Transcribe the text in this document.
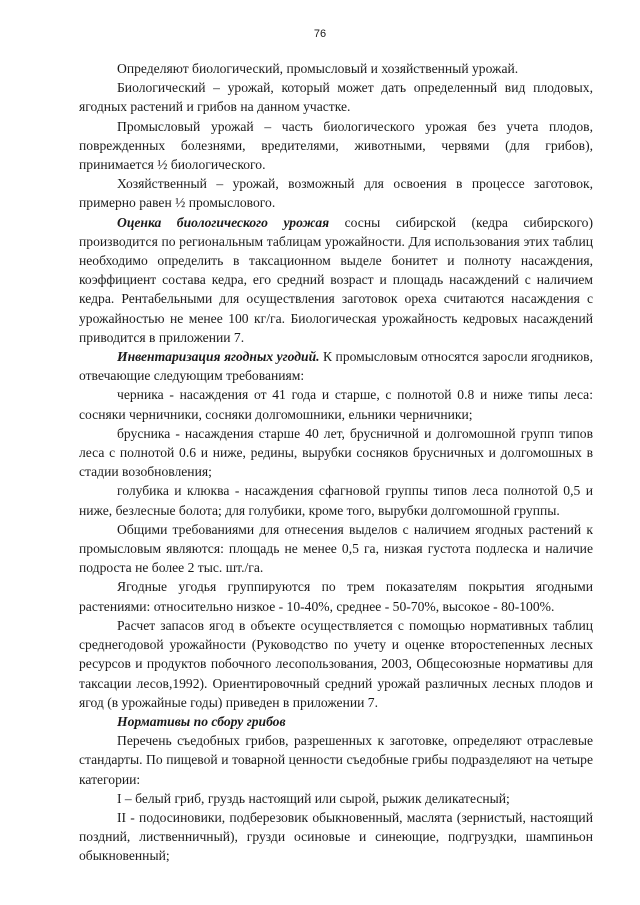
76

Определяют биологический, промысловый и хозяйственный урожай.

Биологический – урожай, который может дать определенный вид плодовых, ягодных растений и грибов на данном участке.

Промысловый урожай – часть биологического урожая без учета плодов, поврежденных болезнями, вредителями, животными, червями (для грибов), принимается ½ биологического.

Хозяйственный – урожай, возможный для освоения в процессе заготовок, примерно равен ½ промыслового.

Оценка биологического урожая сосны сибирской (кедра сибирского) производится по региональным таблицам урожайности. Для использования этих таблиц необходимо определить в таксационном выделе бонитет и полноту насаждения, коэффициент состава кедра, его средний возраст и площадь насаждений с наличием кедра. Рентабельными для осуществления заготовок ореха считаются насаждения с урожайностью не менее 100 кг/га. Биологическая урожайность кедровых насаждений приводится в приложении 7.

Инвентаризация ягодных угодий. К промысловым относятся заросли ягодников, отвечающие следующим требованиям:

черника - насаждения от 41 года и старше, с полнотой 0.8 и ниже типы леса: сосняки черничники, сосняки долгомошники, ельники черничники;

брусника - насаждения старше 40 лет, брусничной и долгомошной групп типов леса с полнотой 0.6 и ниже, редины, вырубки сосняков брусничных и долгомошных в стадии возобновления;

голубика и клюква - насаждения сфагновой группы типов леса полнотой 0,5 и ниже, безлесные болота; для голубики, кроме того, вырубки долгомошной группы.

Общими требованиями для отнесения выделов с наличием ягодных растений к промысловым являются: площадь не менее 0,5 га, низкая густота подлеска и наличие подроста не более 2 тыс. шт./га.

Ягодные угодья группируются по трем показателям покрытия ягодными растениями: относительно низкое - 10-40%, среднее - 50-70%, высокое - 80-100%.

Расчет запасов ягод в объекте осуществляется с помощью нормативных таблиц среднегодовой урожайности (Руководство по учету и оценке второстепенных лесных ресурсов и продуктов побочного лесопользования, 2003, Общесоюзные нормативы для таксации лесов,1992). Ориентировочный средний урожай различных лесных плодов и ягод (в урожайные годы) приведен в приложении 7.

Нормативы по сбору грибов

Перечень съедобных грибов, разрешенных к заготовке, определяют отраслевые стандарты. По пищевой и товарной ценности съедобные грибы подразделяют на четыре категории:

I – белый гриб, груздь настоящий или сырой, рыжик деликатесный;

II - подосиновики, подберезовик обыкновенный, маслята (зернистый, настоящий поздний, лиственничный), грузди осиновые и синеющие, подгруздки, шампиньон обыкновенный;
